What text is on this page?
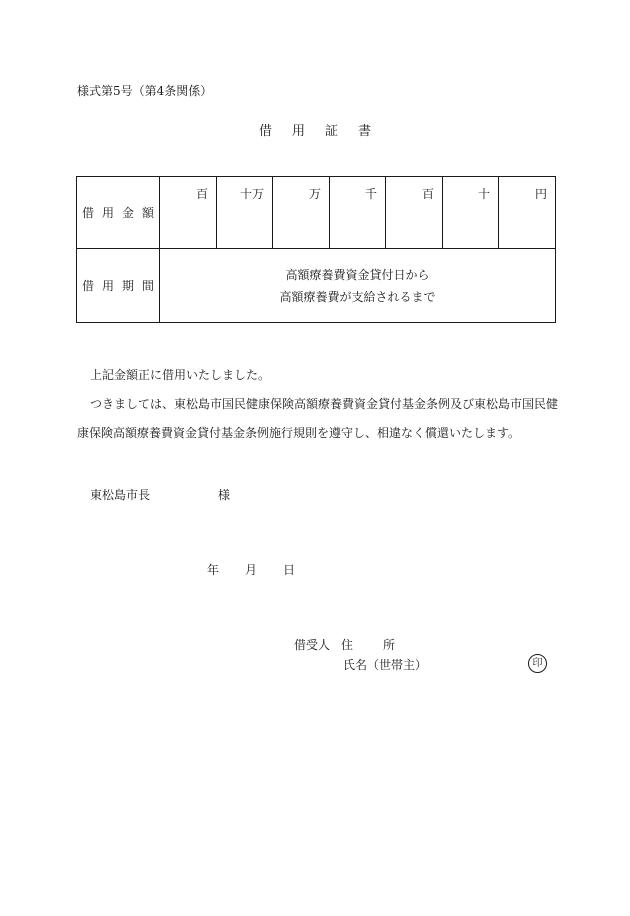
様式第5号（第4条関係）
借 用 証 書
借 用 金 額	百	十万	万	千	百	十	円
借 用 期 間	高額療養費資金貸付日から
高額療養費が支給されるまで						
上記金額正に借用いたしました。
つきましては、東松島市国民健康保険高額療養費資金貸付基金条例及び東松島市国民健
康保険高額療養費資金貸付基金条例施行規則を遵守し、相違なく償還いたします。
東松島市長	様
年 月 日
借受人 住	所
氏名（世帯主）	印
